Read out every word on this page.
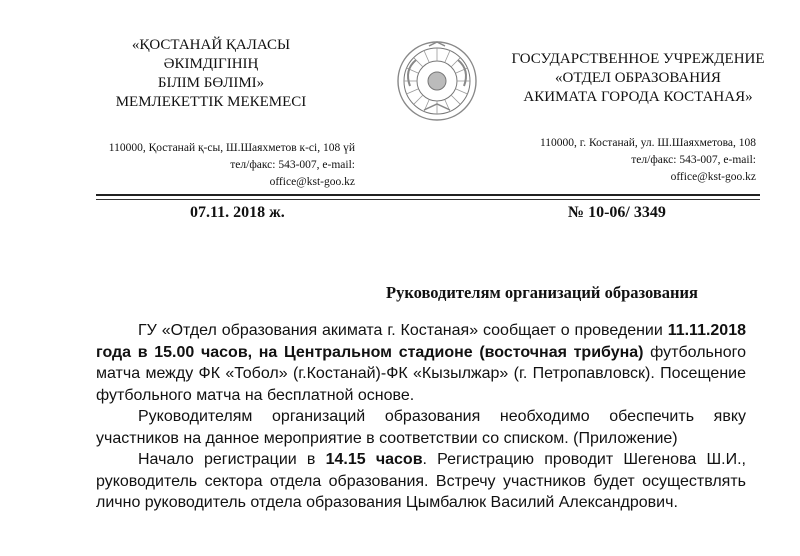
«ҚОСТАНАЙ ҚАЛАСЫ ӘКІМДІГІНІҢ
БІЛІМ БӨЛІМІ»
МЕМЛЕКЕТТІК МЕКЕМЕСІ
ГОСУДАРСТВЕННОЕ УЧРЕЖДЕНИЕ
«ОТДЕЛ ОБРАЗОВАНИЯ
АКИМАТА ГОРОДА КОСТАНАЯ»
110000, Қостанай қ-сы, Ш.Шаяхметов к-сі, 108 үй
тел/факс: 543-007, e-mail:
office@kst-goo.kz
110000, г. Костанай, ул. Ш.Шаяхметова, 108
тел/факс: 543-007, e-mail:
office@kst-goo.kz
07.11. 2018 ж.	№ 10-06/ 3349
Руководителям организаций образования

ГУ «Отдел образования акимата г. Костаная» сообщает о проведении 11.11.2018 года в 15.00 часов, на Центральном стадионе (восточная трибуна) футбольного матча между ФК «Тобол» (г.Костанай)-ФК «Кызылжар» (г. Петропавловск). Посещение футбольного матча на бесплатной основе.

Руководителям организаций образования необходимо обеспечить явку участников на данное мероприятие в соответствии со списком. (Приложение)

Начало регистрации в 14.15 часов. Регистрацию проводит Шегенова Ш.И., руководитель сектора отдела образования. Встречу участников будет осуществлять лично руководитель отдела образования Цымбалюк Василий Александрович.
